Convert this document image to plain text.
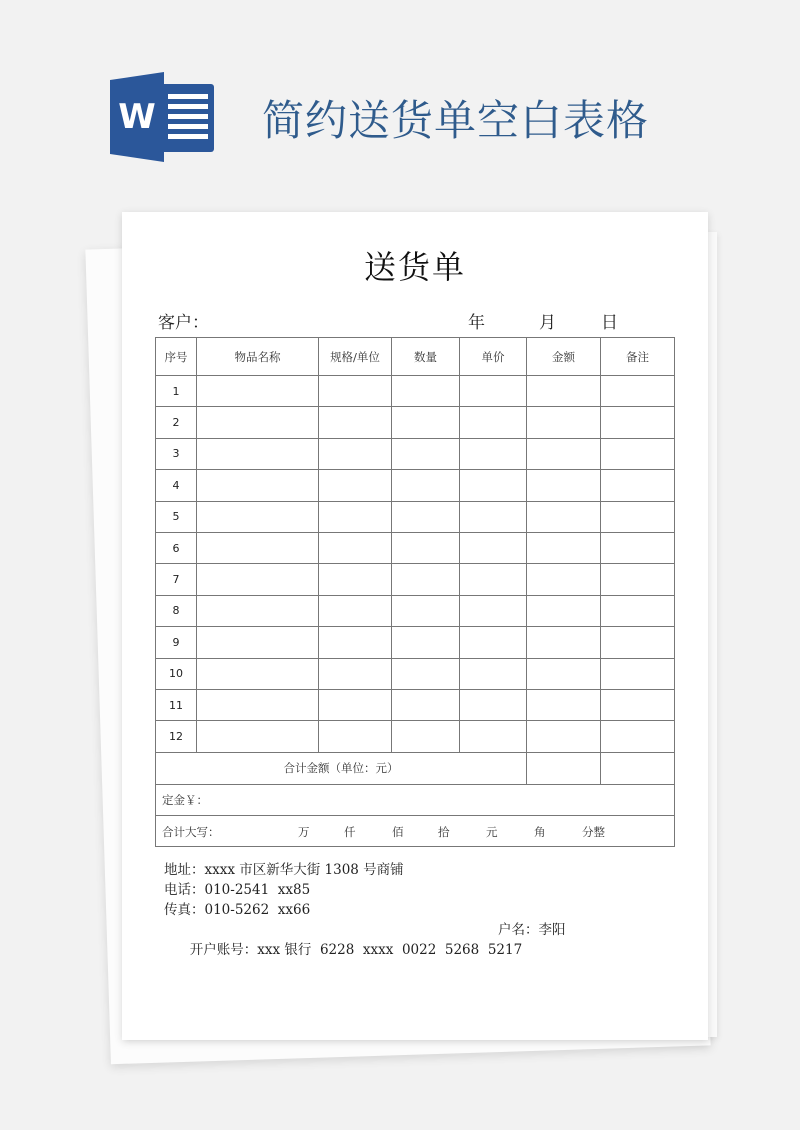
W	简约送货单空白表格
送货单
客户：	年	月	日
序号	物品名称	规格/单位	数量	单价	金额	备注
1						
2						
3						
4						
5						
6						
7						
8						
9						
10						
11						
12						
合计金额（单位：元）						
定金￥：						

合计大写：	万	仟	佰	拾	元	角	分整
地址：xxxx 市区新华大街 1308 号商铺
电话：010-2541  xx85
传真：010-5262  xx66

开户账号：xxx 银行  6228  xxxx  0022  5268  5217

户名：李阳
